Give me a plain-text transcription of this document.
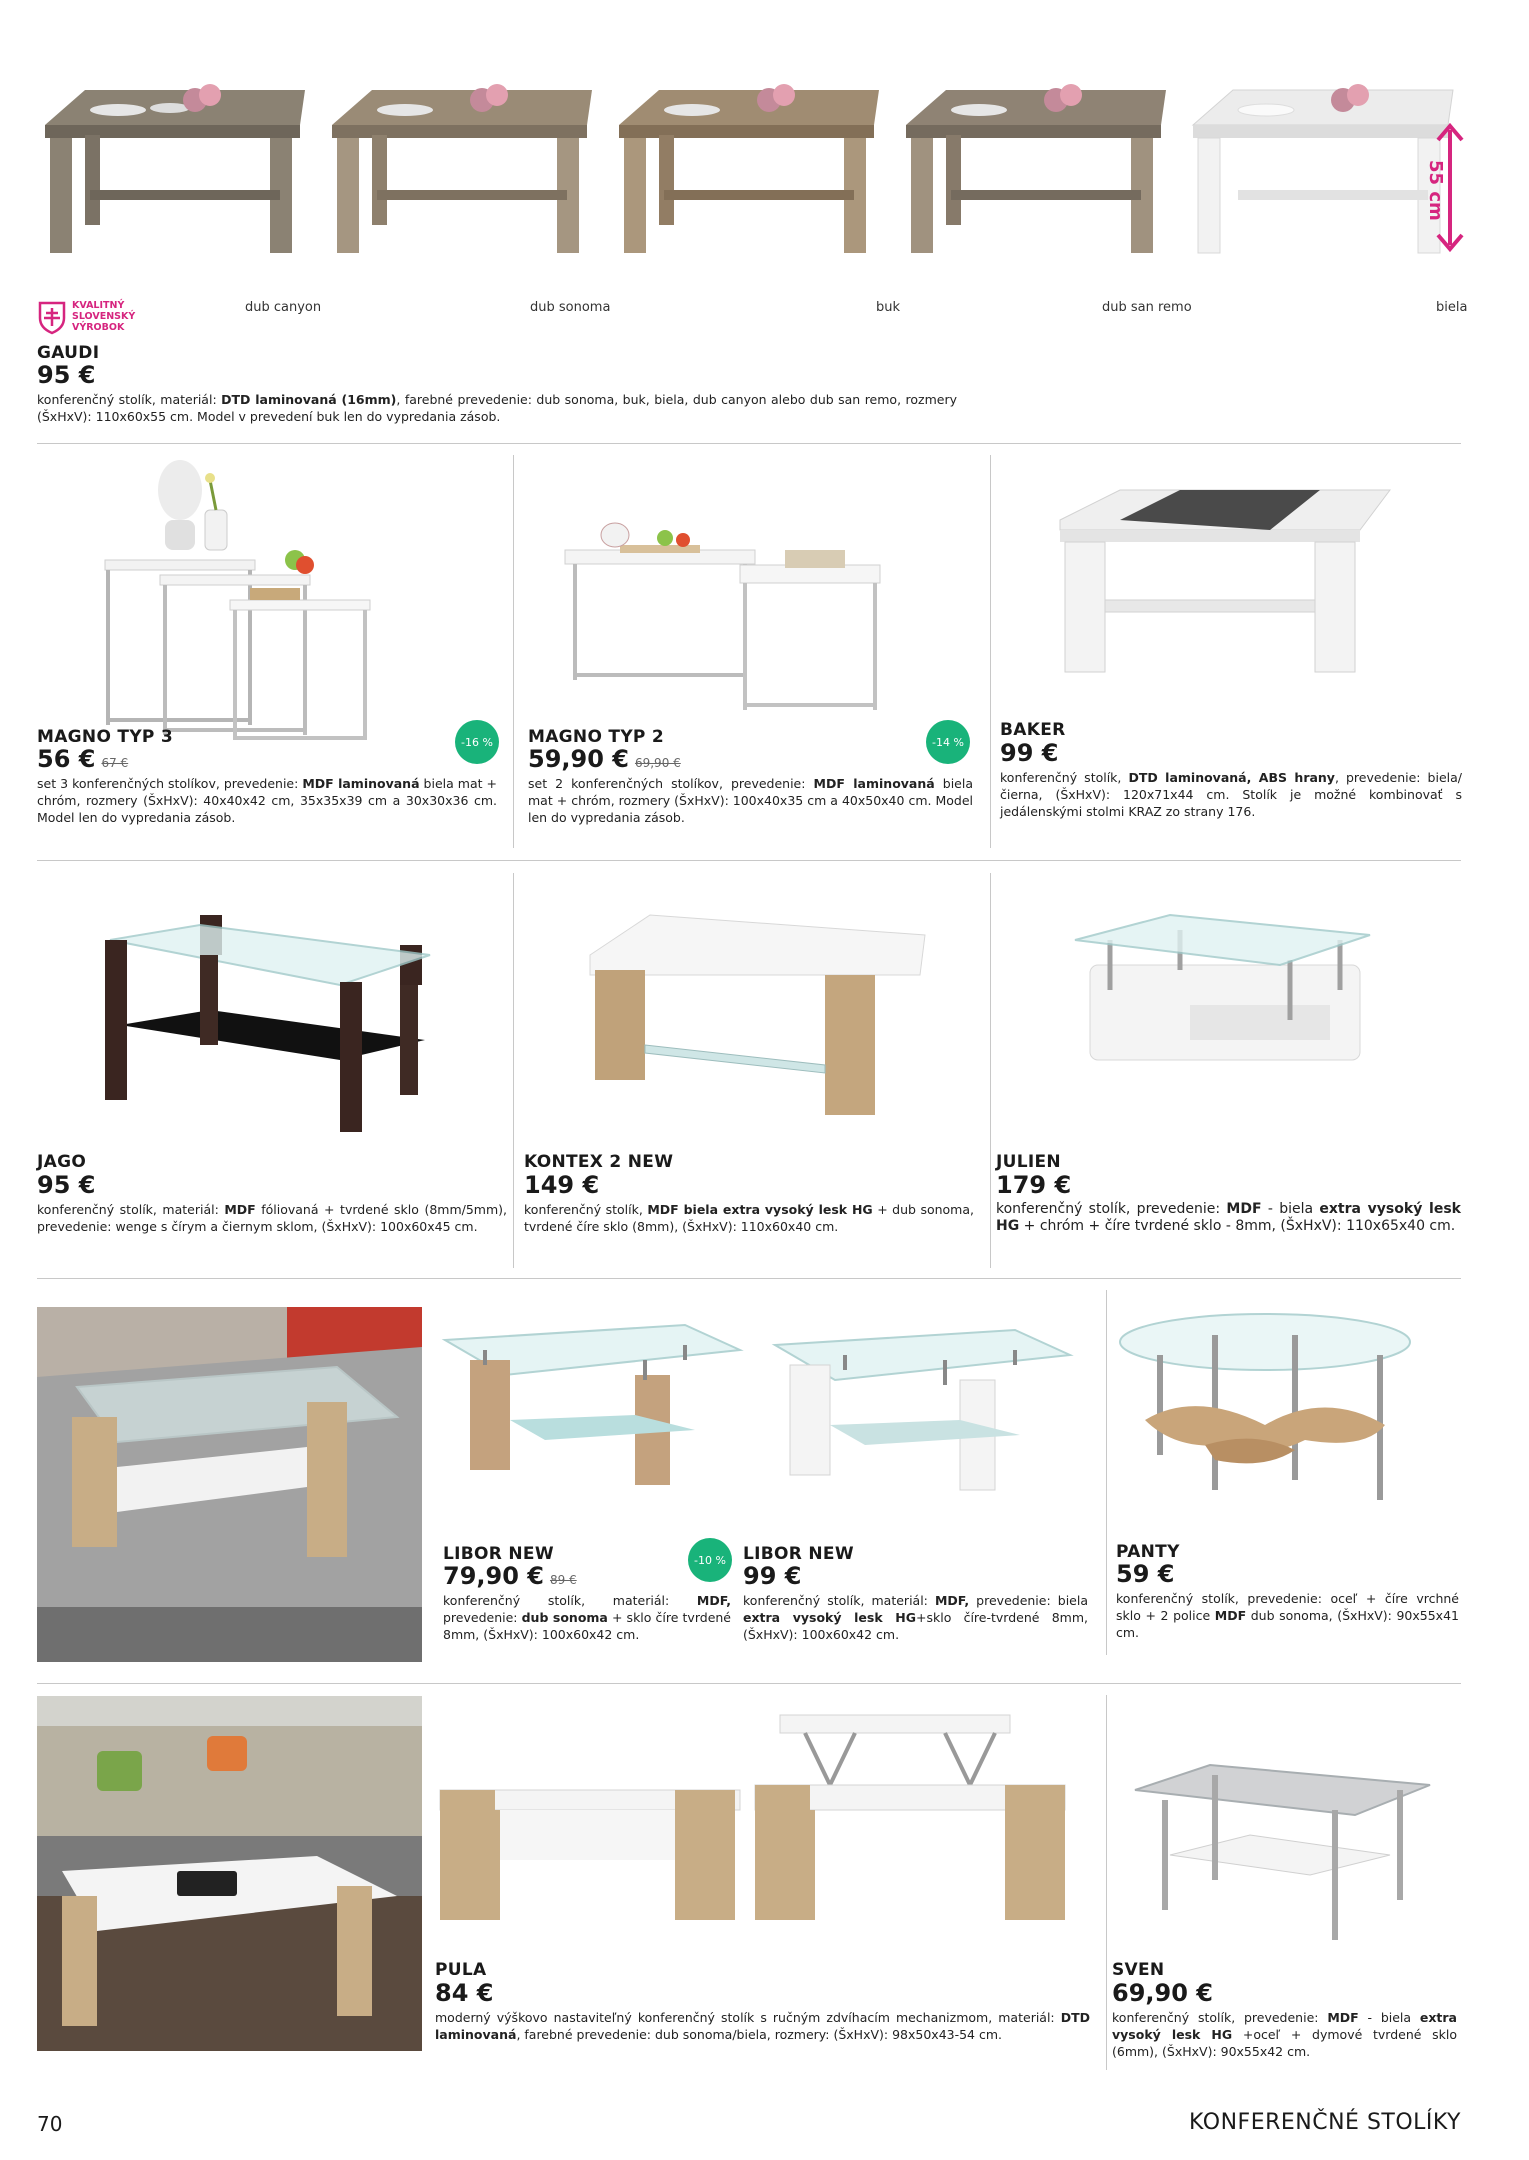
55 cm
KVALITNÝ
SLOVENSKÝ
VÝROBOK
dub canyon	dub sonoma	buk	dub san remo	biela
GAUDI
95 €
konferenčný stolík, materiál: DTD laminovaná (16mm), farebné prevedenie: dub sonoma, buk, biela, dub canyon alebo dub san remo, rozmery (ŠxHxV): 110x60x55 cm. Model v prevedení buk len do vypredania zásob.
-16 %
MAGNO TYP 3
56 € 67 €
set 3 konferenčných stolíkov, prevedenie: MDF laminovaná biela mat + chróm, rozmery (ŠxHxV): 40x40x42 cm, 35x35x39 cm a 30x30x36 cm. Model len do vypredania zásob.
-14 %
MAGNO TYP 2
59,90 € 69,90 €
set 2 konferenčných stolíkov, prevedenie: MDF laminovaná biela mat + chróm, rozmery (ŠxHxV): 100x40x35 cm a 40x50x40 cm. Model len do vypredania zásob.
BAKER
99 €
konferenčný stolík, DTD laminovaná, ABS hrany, prevedenie: biela/čierna, (ŠxHxV): 120x71x44 cm. Stolík je možné kombinovať s jedálenskými stolmi KRAZ zo strany 176.
JAGO
95 €
konferenčný stolík, materiál: MDF fóliovaná + tvrdené sklo (8mm/5mm), prevedenie: wenge s čírym a čiernym sklom, (ŠxHxV): 100x60x45 cm.
KONTEX 2 NEW
149 €
konferenčný stolík, MDF biela extra vysoký lesk HG + dub sonoma, tvrdené číre sklo (8mm), (ŠxHxV): 110x60x40 cm.
JULIEN
179 €
konferenčný stolík, prevedenie: MDF - biela extra vysoký lesk HG + chróm + číre tvrdené sklo - 8mm, (ŠxHxV): 110x65x40 cm.
-10 %
LIBOR NEW
79,90 € 89 €
konferenčný stolík, materiál: MDF, prevedenie: dub sonoma + sklo číre tvrdené 8mm, (ŠxHxV): 100x60x42 cm.
LIBOR NEW
99 €
konferenčný stolík, materiál: MDF, prevedenie: biela extra vysoký lesk HG+sklo číre-tvrdené 8mm, (ŠxHxV): 100x60x42 cm.
PANTY
59 €
konferenčný stolík, prevedenie: oceľ + číre vrchné sklo + 2 police MDF dub sonoma, (ŠxHxV): 90x55x41 cm.
PULA
84 €
moderný výškovo nastaviteľný konferenčný stolík s ručným zdvíhacím mechanizmom, materiál: DTD laminovaná, farebné prevedenie: dub sonoma/biela, rozmery: (ŠxHxV): 98x50x43-54 cm.
SVEN
69,90 €
konferenčný stolík, prevedenie: MDF - biela extra vysoký lesk HG +oceľ + dymové tvrdené sklo (6mm), (ŠxHxV): 90x55x42 cm.
70	KONFERENČNÉ STOLÍKY
